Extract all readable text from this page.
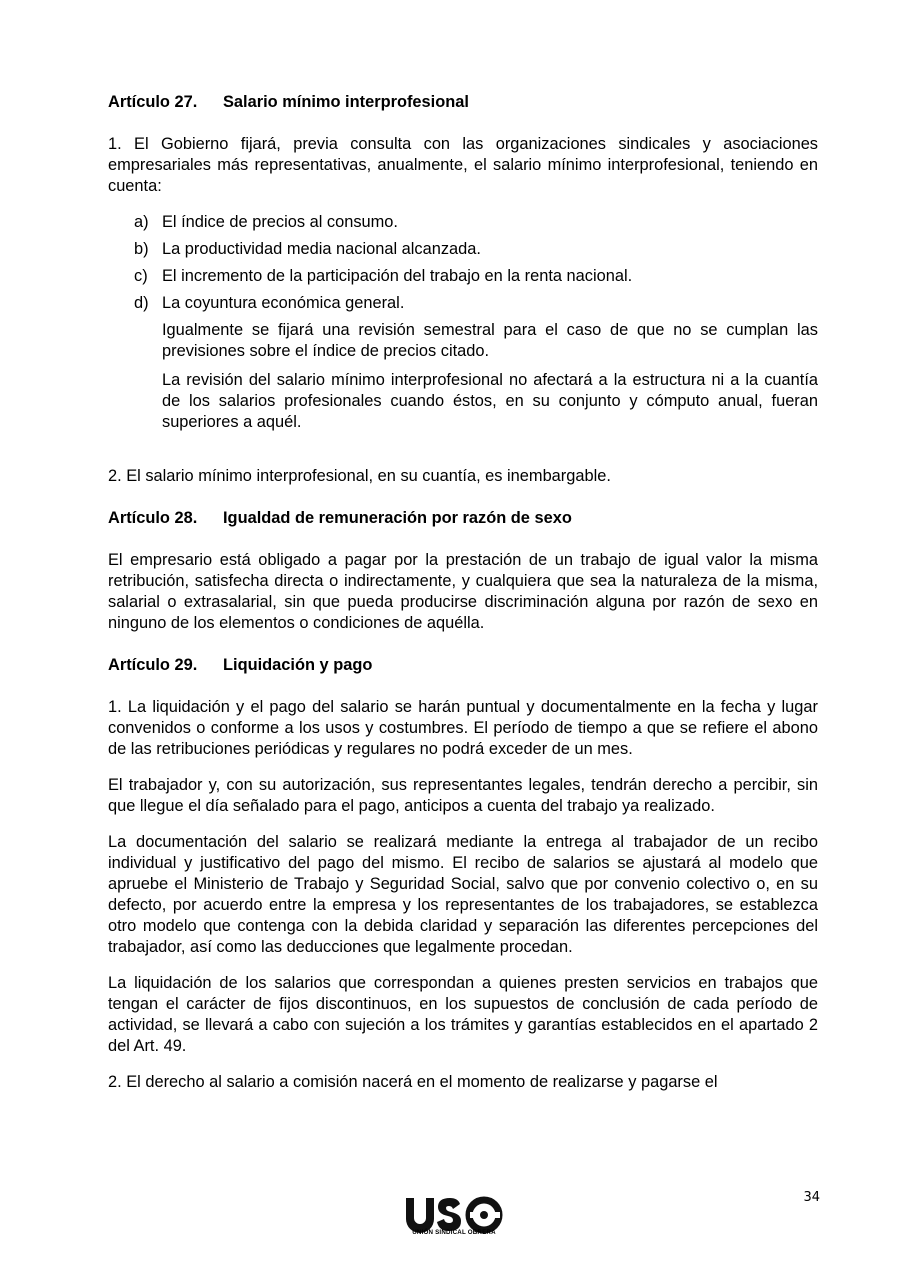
Artículo 27. Salario mínimo interprofesional

1. El Gobierno fijará, previa consulta con las organizaciones sindicales y asociaciones empresariales más representativas, anualmente, el salario mínimo interprofesional, teniendo en cuenta:

a) El índice de precios al consumo.
b) La productividad media nacional alcanzada.
c) El incremento de la participación del trabajo en la renta nacional.
d) La coyuntura económica general.

Igualmente se fijará una revisión semestral para el caso de que no se cumplan las previsiones sobre el índice de precios citado.

La revisión del salario mínimo interprofesional no afectará a la estructura ni a la cuantía de los salarios profesionales cuando éstos, en su conjunto y cómputo anual, fueran superiores a aquél.

2. El salario mínimo interprofesional, en su cuantía, es inembargable.

Artículo 28. Igualdad de remuneración por razón de sexo

El empresario está obligado a pagar por la prestación de un trabajo de igual valor la misma retribución, satisfecha directa o indirectamente, y cualquiera que sea la naturaleza de la misma, salarial o extrasalarial, sin que pueda producirse discriminación alguna por razón de sexo en ninguno de los elementos o condiciones de aquélla.

Artículo 29. Liquidación y pago

1. La liquidación y el pago del salario se harán puntual y documentalmente en la fecha y lugar convenidos o conforme a los usos y costumbres. El período de tiempo a que se refiere el abono de las retribuciones periódicas y regulares no podrá exceder de un mes.

El trabajador y, con su autorización, sus representantes legales, tendrán derecho a percibir, sin que llegue el día señalado para el pago, anticipos a cuenta del trabajo ya realizado.

La documentación del salario se realizará mediante la entrega al trabajador de un recibo individual y justificativo del pago del mismo. El recibo de salarios se ajustará al modelo que apruebe el Ministerio de Trabajo y Seguridad Social, salvo que por convenio colectivo o, en su defecto, por acuerdo entre la empresa y los representantes de los trabajadores, se establezca otro modelo que contenga con la debida claridad y separación las diferentes percepciones del trabajador, así como las deducciones que legalmente procedan.

La liquidación de los salarios que correspondan a quienes presten servicios en trabajos que tengan el carácter de fijos discontinuos, en los supuestos de conclusión de cada período de actividad, se llevará a cabo con sujeción a los trámites y garantías establecidos en el apartado 2 del Art. 49.

2. El derecho al salario a comisión nacerá en el momento de realizarse y pagarse el

34
UNIÓN SINDICAL OBRERA
